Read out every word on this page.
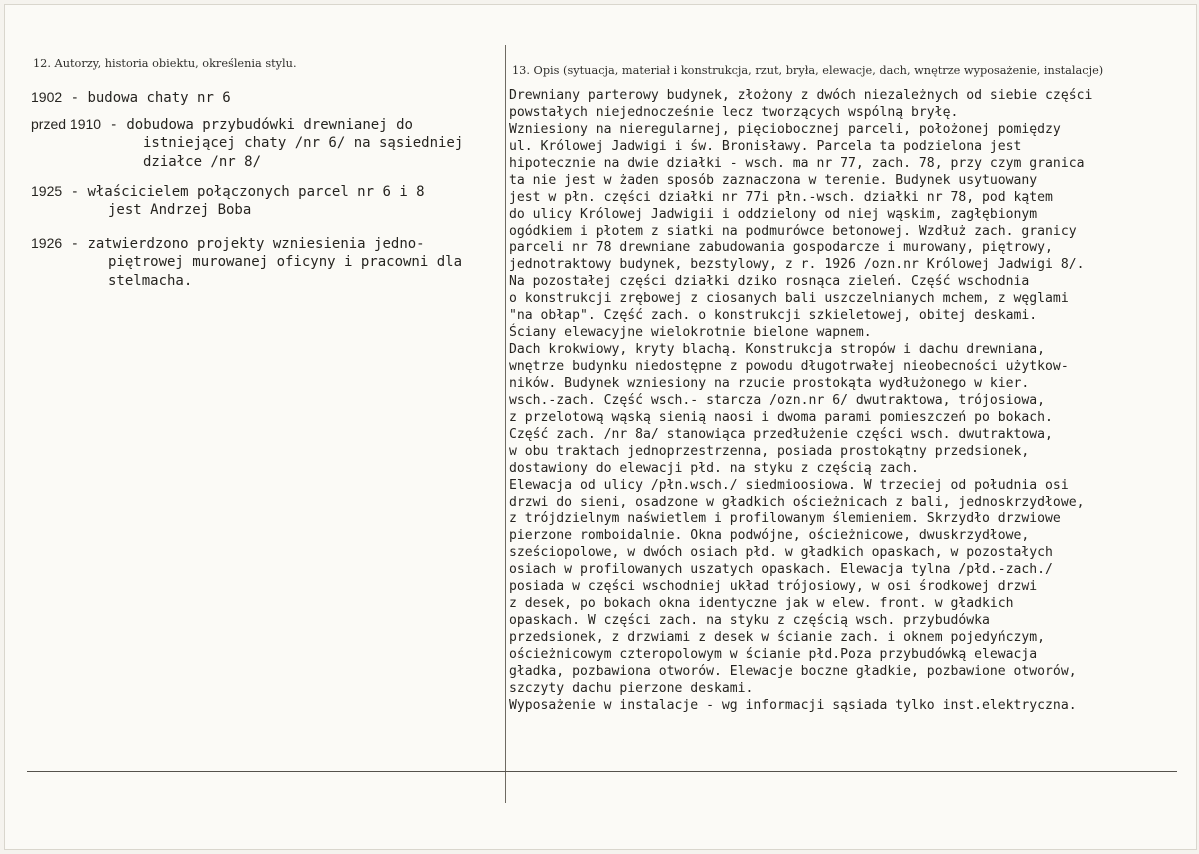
12. Autorzy, historia obiektu, określenia stylu.
13. Opis (sytuacja, materiał i konstrukcja, rzut, bryła, elewacje, dach, wnętrze wyposażenie, instalacje)
1902 - budowa chaty nr 6
przed 1910 - dobudowa przybudówki drewnianej do
istniejącej chaty /nr 6/ na sąsiedniej
działce /nr 8/
1925 - właścicielem połączonych parcel nr 6 i 8
jest Andrzej Boba
1926 - zatwierdzono projekty wzniesienia jedno-
piętrowej murowanej oficyny i pracowni dla
stelmacha.
Drewniany parterowy budynek, złożony z dwóch niezależnych od siebie części
powstałych niejednocześnie lecz tworzących wspólną bryłę.
Wzniesiony na nieregularnej, pięciobocznej parceli, położonej pomiędzy
ul. Królowej Jadwigi i św. Bronisławy. Parcela ta podzielona jest
hipotecznie na dwie działki - wsch. ma nr 77, zach. 78, przy czym granica
ta nie jest w żaden sposób zaznaczona w terenie. Budynek usytuowany
jest w płn. części działki nr 77i płn.-wsch. działki nr 78, pod kątem
do ulicy Królowej Jadwigii i oddzielony od niej wąskim, zagłębionym
ogódkiem i płotem z siatki na podmurówce betonowej. Wzdłuż zach. granicy
parceli nr 78 drewniane zabudowania gospodarcze i murowany, piętrowy,
jednotraktowy budynek, bezstylowy, z r. 1926 /ozn.nr Królowej Jadwigi 8/.
Na pozostałej części działki dziko rosnąca zieleń. Część wschodnia
o konstrukcji zrębowej z ciosanych bali uszczelnianych mchem, z węglami
"na obłap". Część zach. o konstrukcji szkieletowej, obitej deskami.
Ściany elewacyjne wielokrotnie bielone wapnem.
Dach krokwiowy, kryty blachą. Konstrukcja stropów i dachu drewniana,
wnętrze budynku niedostępne z powodu długotrwałej nieobecności użytkow-
ników. Budynek wzniesiony na rzucie prostokąta wydłużonego w kier.
wsch.-zach. Część wsch.- starcza /ozn.nr 6/ dwutraktowa, trójosiowa,
z przelotową wąską sienią naosi i dwoma parami pomieszczeń po bokach.
Część zach. /nr 8a/ stanowiąca przedłużenie części wsch. dwutraktowa,
w obu traktach jednoprzestrzenna, posiada prostokątny przedsionek,
dostawiony do elewacji płd. na styku z częścią zach.
Elewacja od ulicy /płn.wsch./ siedmioosiowa. W trzeciej od południa osi
drzwi do sieni, osadzone w gładkich ościeżnicach z bali, jednoskrzydłowe,
z trójdzielnym naświetlem i profilowanym ślemieniem. Skrzydło drzwiowe
pierzone romboidalnie. Okna podwójne, ościeżnicowe, dwuskrzydłowe,
sześciopolowe, w dwóch osiach płd. w gładkich opaskach, w pozostałych
osiach w profilowanych uszatych opaskach. Elewacja tylna /płd.-zach./
posiada w części wschodniej układ trójosiowy, w osi środkowej drzwi
z desek, po bokach okna identyczne jak w elew. front. w gładkich
opaskach. W części zach. na styku z częścią wsch. przybudówka
przedsionek, z drzwiami z desek w ścianie zach. i oknem pojedyńczym,
ościeżnicowym czteropolowym w ścianie płd.Poza przybudówką elewacja
gładka, pozbawiona otworów. Elewacje boczne gładkie, pozbawione otworów,
szczyty dachu pierzone deskami.
Wyposażenie w instalacje - wg informacji sąsiada tylko inst.elektryczna.
